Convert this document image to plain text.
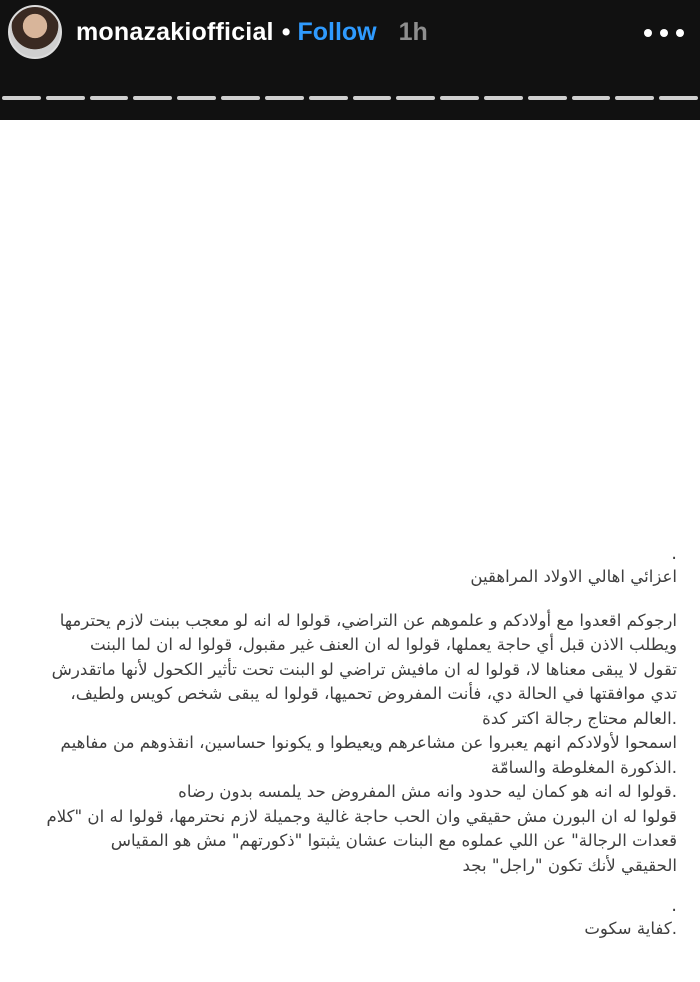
monazakiofficial • Follow 1h

.

اعزائي اهالي الاولاد المراهقين

ارجوكم اقعدوا مع أولادكم و علموهم عن التراضي، قولوا له انه لو معجب ببنت لازم يحترمها

ويطلب الاذن قبل أي حاجة يعملها، قولوا له ان العنف غير مقبول، قولوا له ان لما البنت

تقول لا يبقى معناها لا، قولوا له ان مافيش تراضي لو البنت تحت تأثير الكحول لأنها ماتقدرش

تدي موافقتها في الحالة دي، فأنت المفروض تحميها، قولوا له يبقى شخص كويس ولطيف،

.العالم محتاج رجالة اكتر كدة

اسمحوا لأولادكم انهم يعبروا عن مشاعرهم ويعيطوا و يكونوا حساسين، انقذوهم من مفاهيم

.الذكورة المغلوطة والسامّة

.قولوا له انه هو كمان ليه حدود وانه مش المفروض حد يلمسه بدون رضاه

قولوا له ان البورن مش حقيقي وان الحب حاجة غالية وجميلة لازم نحترمها، قولوا له ان "كلام

قعدات الرجالة" عن اللي عملوه مع البنات عشان يثبتوا "ذكورتهم" مش هو المقياس

الحقيقي لأنك تكون "راجل" بجد

.

.كفاية سكوت
